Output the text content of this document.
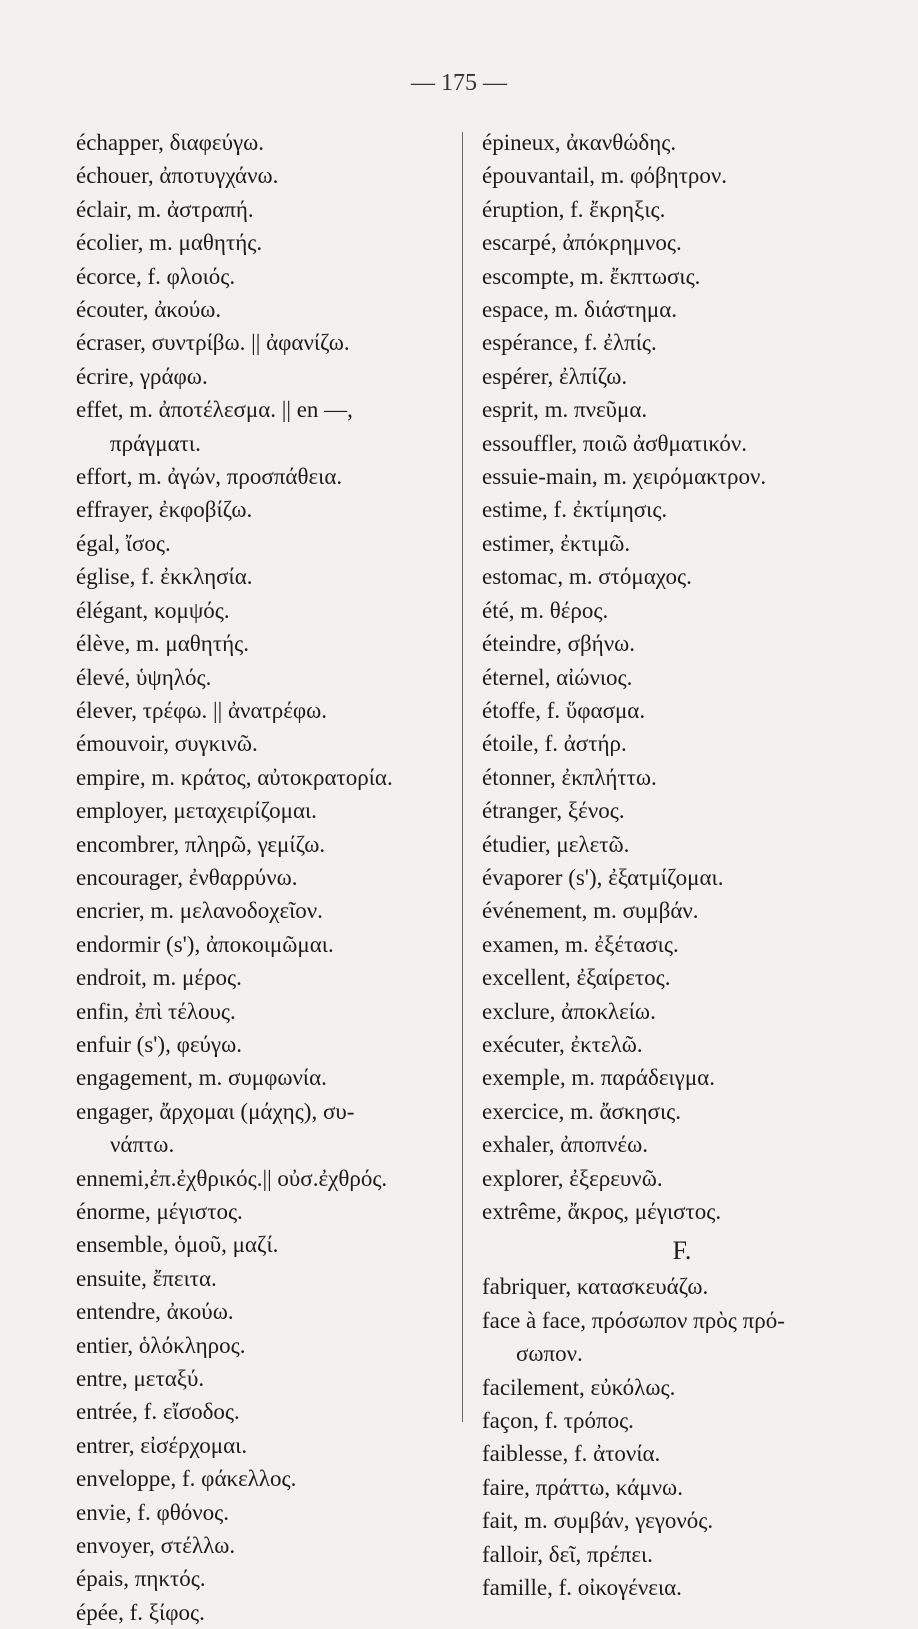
— 175 —

échapper, διαφεύγω.

échouer, ἀποτυγχάνω.

éclair, m. ἀστραπή.

écolier, m. μαθητής.

écorce, f. φλοιός.

écouter, ἀκούω.

écraser, συντρίβω. || ἀφανίζω.

écrire, γράφω.

effet, m. ἀποτέλεσμα. || en —,

πράγματι.

effort, m. ἀγών, προσπάθεια.

effrayer, ἐκφοβίζω.

égal, ἴσος.

église, f. ἐκκλησία.

élégant, κομψός.

élève, m. μαθητής.

élevé, ὑψηλός.

élever, τρέφω. || ἀνατρέφω.

émouvoir, συγκινῶ.

empire, m. κράτος, αὐτοκρατορία.

employer, μεταχειρίζομαι.

encombrer, πληρῶ, γεμίζω.

encourager, ἐνθαρρύνω.

encrier, m. μελανοδοχεῖον.

endormir (s'), ἀποκοιμῶμαι.

endroit, m. μέρος.

enfin, ἐπὶ τέλους.

enfuir (s'), φεύγω.

engagement, m. συμφωνία.

engager, ἄρχομαι (μάχης), συ-

νάπτω.

ennemi,ἐπ.ἐχθρικός.|| οὐσ.ἐχθρός.

énorme, μέγιστος.

ensemble, ὁμοῦ, μαζί.

ensuite, ἔπειτα.

entendre, ἀκούω.

entier, ὁλόκληρος.

entre, μεταξύ.

entrée, f. εἴσοδος.

entrer, εἰσέρχομαι.

enveloppe, f. φάκελλος.

envie, f. φθόνος.

envoyer, στέλλω.

épais, πηκτός.

épée, f. ξίφος.

épineux, ἀκανθώδης.

épouvantail, m. φόβητρον.

éruption, f. ἔκρηξις.

escarpé, ἀπόκρημνος.

escompte, m. ἔκπτωσις.

espace, m. διάστημα.

espérance, f. ἐλπίς.

espérer, ἐλπίζω.

esprit, m. πνεῦμα.

essouffler, ποιῶ ἀσθματικόν.

essuie-main, m. χειρόμακτρον.

estime, f. ἐκτίμησις.

estimer, ἐκτιμῶ.

estomac, m. στόμαχος.

été, m. θέρος.

éteindre, σβήνω.

éternel, αἰώνιος.

étoffe, f. ὕφασμα.

étoile, f. ἀστήρ.

étonner, ἐκπλήττω.

étranger, ξένος.

étudier, μελετῶ.

évaporer (s'), ἐξατμίζομαι.

événement, m. συμβάν.

examen, m. ἐξέτασις.

excellent, ἐξαίρετος.

exclure, ἀποκλείω.

exécuter, ἐκτελῶ.

exemple, m. παράδειγμα.

exercice, m. ἄσκησις.

exhaler, ἀποπνέω.

explorer, ἐξερευνῶ.

extrême, ἄκρος, μέγιστος.

F.

fabriquer, κατασκευάζω.

face à face, πρόσωπον πρὸς πρό-

σωπον.

facilement, εὐκόλως.

façon, f. τρόπος.

faiblesse, f. ἀτονία.

faire, πράττω, κάμνω.

fait, m. συμβάν, γεγονός.

falloir, δεῖ, πρέπει.

famille, f. οἰκογένεια.
